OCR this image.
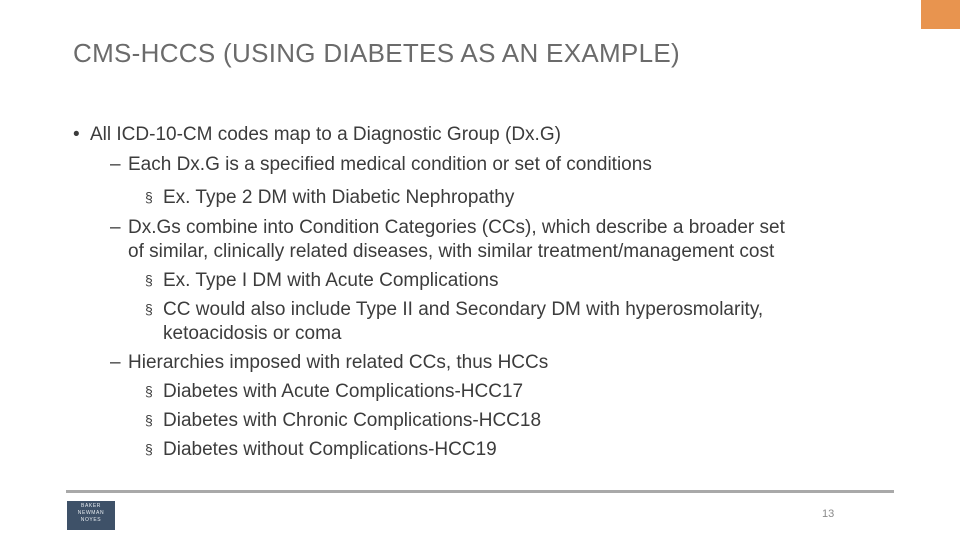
CMS-HCCS (USING DIABETES AS AN EXAMPLE)
• All ICD-10-CM codes map to a Diagnostic Group (Dx.G)
– Each Dx.G is a specified medical condition or set of conditions
§ Ex. Type 2 DM with Diabetic Nephropathy
– Dx.Gs combine into Condition Categories (CCs), which describe a broader set
of similar, clinically related diseases, with similar treatment/management cost
§ Ex. Type I DM with Acute Complications
§ CC would also include Type II and Secondary DM with hyperosmolarity,
ketoacidosis or coma
– Hierarchies imposed with related CCs, thus HCCs
§ Diabetes with Acute Complications-HCC17
§ Diabetes with Chronic Complications-HCC18
§ Diabetes without Complications-HCC19
BAKER
NEWMAN
NOYES	13
